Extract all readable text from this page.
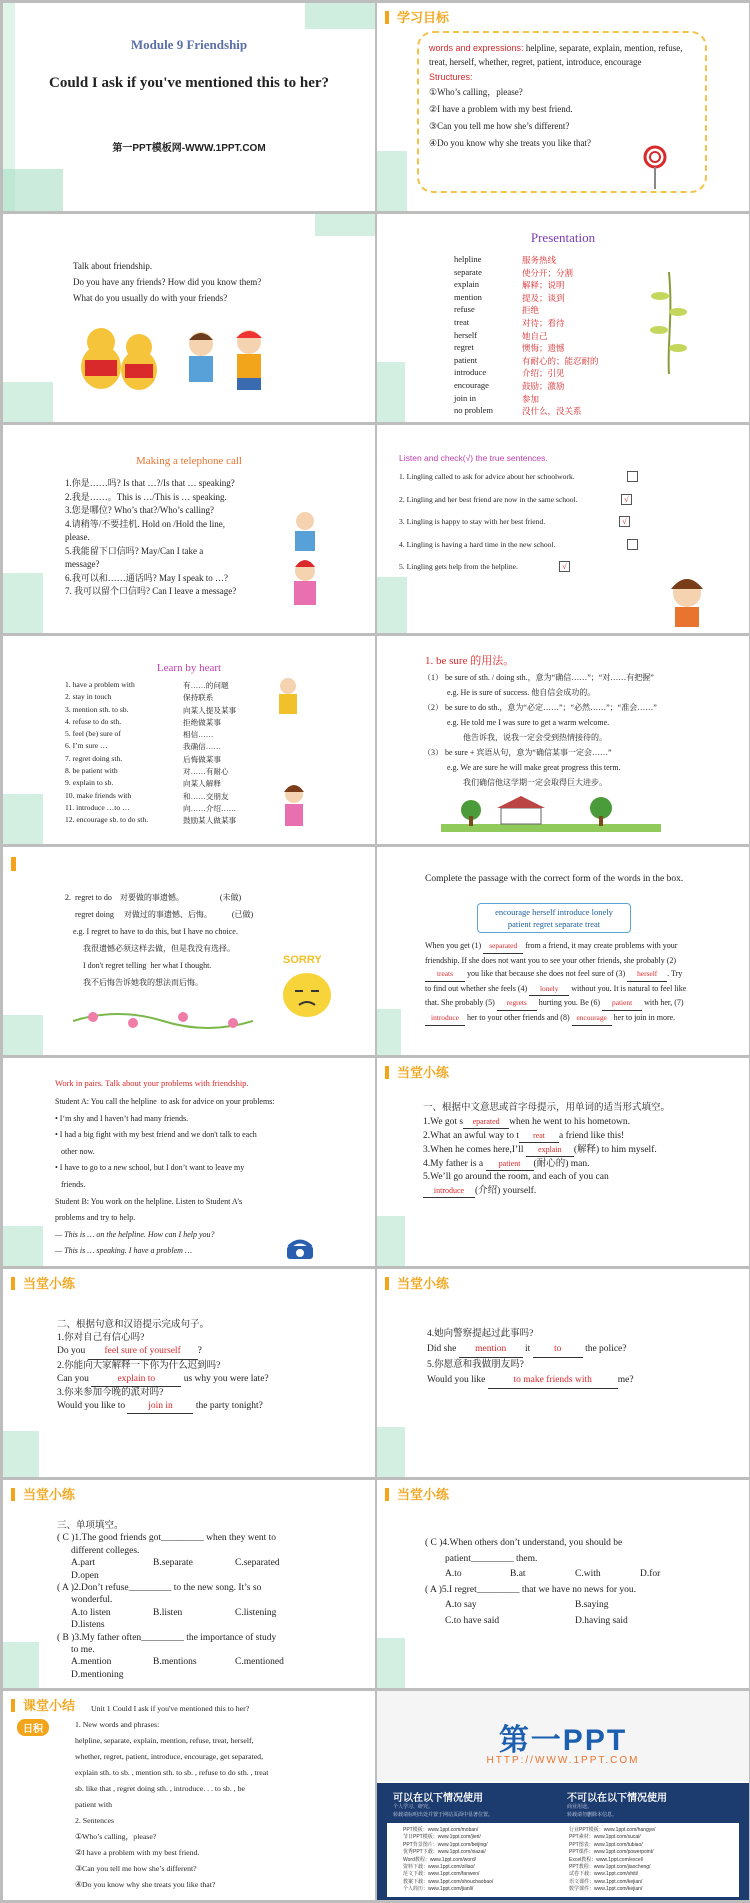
Module 9 Friendship
Could I ask if you've mentioned this to her?
第一PPT模板网-WWW.1PPT.COM
学习目标
words and expressions: helpline, separate, explain, mention, refuse, treat, herself, whether, regret, patient, introduce, encourage
Structures:
①Who’s calling，please?
②I have a problem with my best friend.
③Can you tell me how she’s different?
④Do you know why she treats you like that?
Talk about friendship.
Do you have any friends? How did you know them?
What do you usually do with your friends?
Presentation
helpline	服务热线
separate	使分开；分割
explain	解释；说明
mention	提及；谈到
refuse	拒绝
treat	对待；看待
herself	她自己
regret	懊悔；遗憾
patient	有耐心的；能忍耐的
introduce	介绍；引见
encourage	鼓励；激励
join in	参加
no problem	没什么，没关系
Making a telephone call
1.你是……吗? Is that …?/Is that … speaking?
2.我是……。This is …/This is … speaking.
3.您是哪位? Who’s that?/Who’s calling?
4.请稍等/不要挂机. Hold on /Hold the line,
please.
5.我能留下口信吗? May/Can I take a
message?
6.我可以和……通话吗? May I speak to …?
7. 我可以留个口信吗? Can I leave a message?
Listen and check(√) the true sentences.
1. Lingling called to ask for advice about her schoolwork.
2. Lingling and her best friend are now in the same school.	√
3. Lingling is happy to stay with her best friend.	√
4. Lingling is having a hard time in the new school.
5. Lingling gets help from the helpline.	√
Learn by heart
1. have a problem with	有……的问题
2. stay in touch	保持联系
3. mention sth. to sb.	向某人提及某事
4. refuse to do sth.	拒绝做某事
5. feel (be) sure of	相信……
6. I’m sure …	我确信……
7. regret doing sth.	后悔做某事
8. be patient with	对……有耐心
9. explain to sb.	向某人解释
10. make friends with	和……交朋友
11. introduce …to …	向……介绍……
12. encourage sb. to do sth.	鼓励某人做某事
1. be sure 的用法。
（1） be sure of sth. / doing sth.，意为“确信……”；“对……有把握”
e.g. He is sure of success. 他自信会成功的。
（2） be sure to do sth.，意为“必定……”；“必然……”；“准会……”
e.g. He told me I was sure to get a warm welcome.
他告诉我，说我一定会受到热情接待的。
（3） be sure + 宾语从句，意为“确信某事一定会……”
e.g. We are sure he will make great progress this term.
我们确信他这学期一定会取得巨大进步。
2.  regret to do    对要做的事遗憾。                  (未做)
regret doing     对做过的事遗憾、后悔。          (已做)
e.g. I regret to have to do this, but I have no choice.
我很遗憾必须这样去做，但是我没有选择。
I don't regret telling  her what I thought.
我不后悔告诉她我的想法而后悔。
SORRY
Complete the passage with the correct form of the words in the box.
encourage herself introduce lonely
patient regret separate treat
When you get (1) separated from a friend, it may create problems with your friendship. If she does not want you to see your other friends, she probably (2) treats you like that because she does not feel sure of (3) herself . Try to find out whether she feels (4) lonely without you. It is natural to feel like that. She probably (5) regrets hurting you. Be (6) patient with her, (7) introduce her to your other friends and (8) encourage her to join in more.
Work in pairs. Talk about your problems with friendship.
Student A: You call the helpline  to ask for advice on your problems:
• I‘m shy and I haven’t had many friends.
• I had a big fight with my best friend and we don't talk to each
other now.
• I have to go to a new school, but I don’t want to leave my
friends.
Student B: You work on the helpline. Listen to Student A’s
problems and try to help.
— This is … on the helpline. How can I help you?
— This is … speaking. I have a problem …
当堂小练
一、根据中文意思或首字母提示，用单词的适当形式填空。
1.We got s eparated when he went to his hometown.
2.What an awful way to t reat a friend like this!
3.When he comes here,I’ll explain (解释) to him myself.
4.My father is a patient (耐心的) man.
5.We’ll go around the room, and each of you can
introduce (介绍) yourself.
当堂小练
二、根据句意和汉语提示完成句子。
1.你对自己有信心吗?
Do you feel sure of yourself ?
2.你能向大家解释一下你为什么迟到吗?
Can you	explain to	us why you were late?
3.你来参加今晚的派对吗?
Would you like to join in the party tonight?
当堂小练
4.她向警察提起过此事吗?
Did she mention it to the police?
5.你愿意和我做朋友吗?
Would you like	to make friends with	me?
当堂小练
三、单项填空。
( C )1.The good friends got_________ when they went to
different colleges.
A.part	B.separate	C.separated
D.open
( A )2.Don’t refuse_________ to the new song. It’s so
wonderful.
A.to listen	B.listen	C.listening
D.listens
( B )3.My father often_________ the importance of study
to me.
A.mention	B.mentions	C.mentioned
D.mentioning
当堂小练
( C )4.When others don’t understand, you should be
patient_________ them.
A.to	B.at	C.with	D.for
( A )5.I regret_________ that we have no news for you.
A.to say	B.saying
C.to have said	D.having said
课堂小结
日积
Unit 1 Could I ask if you've mentioned this to her?
1. New words and phrases:
helpline, separate, explain, mention, refuse, treat, herself,
whether, regret, patient, introduce, encourage, get separated,
explain sth. to sb. , mention sth. to sb. , refuse to do sth. , treat
sb. like that , regret doing sth. , introduce. . . to sb. , be
patient with
2. Sentences
①Who’s calling，please?
②I have a problem with my best friend.
③Can you tell me how she’s different?
④Do you know why she treats you like that?
第一PPT
HTTP://WWW.1PPT.COM
可以在以下情况使用
个人学习、研究。
转载请标明出处并置于网站页面中显著位置。
不可以在以下情况使用
商业用途。
转载请勿删除本信息。
PPT模板：www.1ppt.com/moban/
节日PPT模板：www.1ppt.com/jieri/
PPT背景图片：www.1ppt.com/beijing/
优秀PPT下载：www.1ppt.com/xiazai/
Word教程：www.1ppt.com/word/
资料下载：www.1ppt.com/ziliao/
范文下载：www.1ppt.com/fanwen/
教案下载：www.1ppt.com/shouchaobao/
个人简历：www.1ppt.com/jianli/
行业PPT模板：www.1ppt.com/hangye/
PPT素材：www.1ppt.com/sucai/
PPT图表：www.1ppt.com/tubiao/
PPT课件：www.1ppt.com/powerpoint/
Excel教程：www.1ppt.com/excel/
PPT教程：www.1ppt.com/jiaocheng/
试卷下载：www.1ppt.com/shiti/
语文课件：www.1ppt.com/kejian/
数学课件：www.1ppt.com/kejian/
